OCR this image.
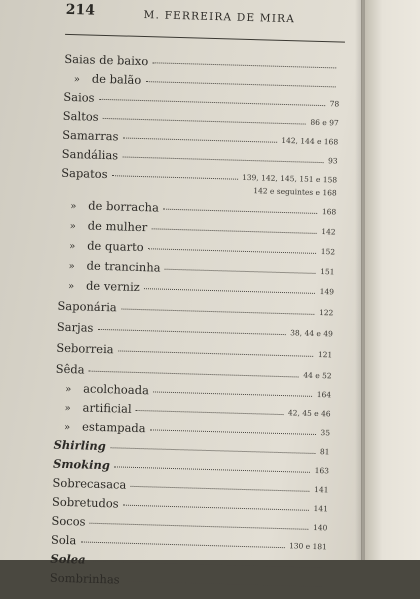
214	M. FERREIRA DE MIRA
Saias de baixo
» de balão
Saios	78
Saltos	86 e 97
Samarras	142, 144 e 168
Sandálias	93
Sapatos	139, 142, 145, 151 e 158
142 e seguintes e 168
» de borracha	168
» de mulher	142
» de quarto	152
» de trancinha	151
» de verniz	149
Saponária	122
Sarjas	38, 44 e 49
Seborreia	121
Sêda	44 e 52
» acolchoada	164
» artificial	42, 45 e 46
» estampada	35
Shirling	81
Smoking	163
Sobrecasaca	141
Sobretudos	141
Socos	140
Sola	130 e 181
Solea
Sombrinhas
